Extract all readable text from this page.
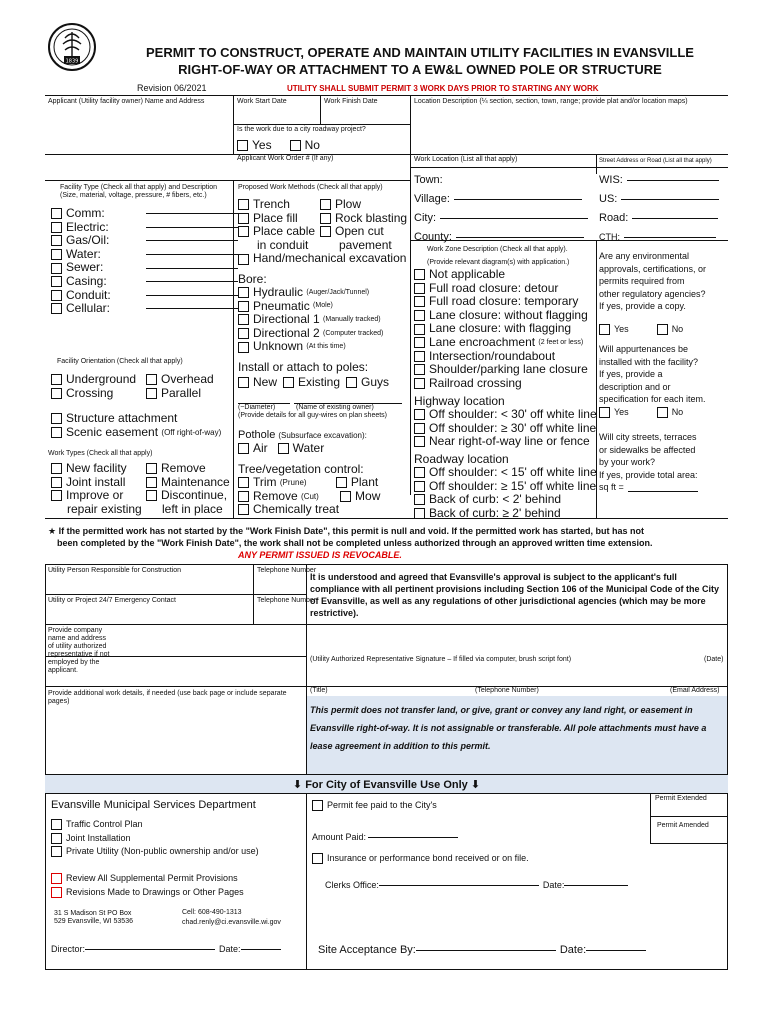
1839
PERMIT TO CONSTRUCT, OPERATE AND MAINTAIN UTILITY FACILITIES IN EVANSVILLE
RIGHT-OF-WAY OR ATTACHMENT TO A EW&L OWNED POLE OR STRUCTURE
Revision 06/2021	UTILITY SHALL SUBMIT PERMIT 3 WORK DAYS PRIOR TO STARTING ANY WORK
Applicant (Utility facility owner) Name and Address	Work Start Date	Work Finish Date	Location Description (¼ section, section, town, range; provide plat and/or location maps)
Is the work due to a city roadway project?
Yes	No
Applicant Work Order # (If any)	Work Location (List all that apply)	Street Address or Road (List all that apply)
Town:
Village:
City:
County:
WIS:
US:
Road:
CTH:
Facility Type (Check all that apply) and Description
(Size, material, voltage, pressure, # fibers, etc.)
Comm:
Electric:
Gas/Oil:
Water:
Sewer:
Casing:
Conduit:
Cellular:
Proposed Work Methods (Check all that apply)
Trench
Place fill
Place cable
in conduit
Hand/mechanical excavation
Plow
Rock blasting
Open cut
pavement
Bore:
Hydraulic
(Auger/Jack/Tunnel)
Pneumatic
(Mole)
Directional 1
(Manually tracked)
Directional 2
(Computer tracked)
Unknown
(At this time)
Facility Orientation (Check all that apply)
Underground	Overhead
Crossing	Parallel
Structure attachment
Scenic easement
(Off right-of-way)
Install or attach to poles:
New Existing Guys
(~Diameter)	(Name of existing owner)
(Provide details for all guy-wires on plan sheets)
Pothole
(Subsurface excavation):
Air Water
Work Types (Check all that apply)
New facility	Remove
Joint install	Maintenance
Improve or	Discontinue,
repair existing	left in place
Tree/vegetation control:
Trim
(Prune)	Plant
Remove
(Cut)	Mow
Chemically treat
Work Zone Description (Check all that apply).
(Provide relevant diagram(s) with application.)
Not applicable
Full road closure: detour
Full road closure: temporary
Lane closure: without flagging
Lane closure: with flagging
Lane encroachment
(2 feet or less)
Intersection/roundabout
Shoulder/parking lane closure
Railroad crossing
Highway location
Off shoulder: < 30' off white line
Off shoulder: ≥ 30' off white line
Near right-of-way line or fence
Roadway location
Off shoulder: < 15' off white line
Off shoulder: ≥ 15' off white line
Back of curb: < 2' behind
Back of curb: ≥ 2' behind
Are any environmental
approvals, certifications, or
permits required from
other regulatory agencies?
If yes, provide a copy.
Yes	No
Will appurtenances be
installed with the facility?
If yes, provide a
description and or
specification for each item.
Yes	No
Will city streets, terraces
or sidewalks be affected
by your work?
If yes, provide total area:
sq ft =
★ If the permitted work has not started by the "Work Finish Date", this permit is null and void. If the permitted work has started, but has not
been completed by the "Work Finish Date", the work shall not be completed unless authorized through an approved written time extension.
ANY PERMIT ISSUED IS REVOCABLE.
Utility Person Responsible for Construction	Telephone Number
Utility or Project 24/7 Emergency Contact	Telephone Number
Provide company
name and address
of utility authorized
representative if not
employed by the
applicant.
Provide additional work details, if needed (use back page or include separate pages)
It is understood and agreed that Evansville's approval is subject to the applicant's full compliance with all pertinent provisions including Section 106 of the Municipal Code of the City of Evansville, as well as any regulations of other jurisdictional agencies (which may be more restrictive).
(Utility Authorized Representative Signature – If filled via computer, brush script font)	(Date)
(Title)	(Telephone Number)	(Email Address)
This permit does not transfer land, or give, grant or convey any land right, or easement in Evansville right-of-way. It is not assignable or transferable. All pole attachments must have a lease agreement in addition to this permit.
⬇ For City of Evansville Use Only ⬇
Evansville Municipal Services Department
Traffic Control Plan
Joint Installation
Private Utility (Non-public ownership and/or use)
Review All Supplemental Permit Provisions
Revisions Made to Drawings or Other Pages
31 S Madison St PO Box
529 Evansville, WI 53536
Cell: 608-490-1313
chad.renly@ci.evansville.wi.gov
Director:	Date:
Permit fee paid to the City's
Amount Paid:
Insurance or performance bond received or on file.
Clerks Office:	Date:
Site Acceptance By:	Date:
Permit Extended
Permit Amended
